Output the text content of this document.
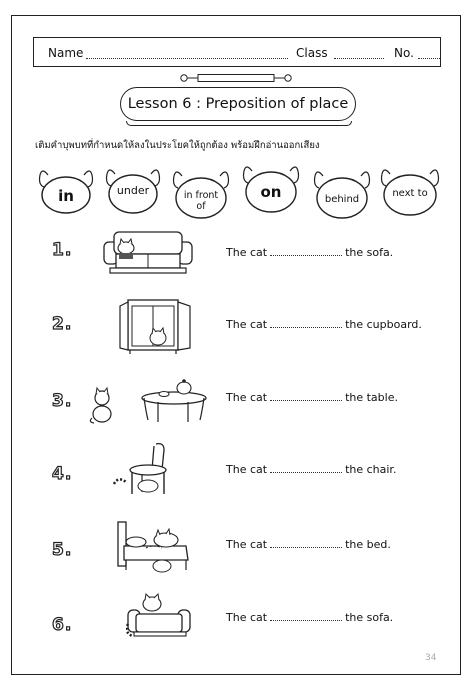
Name	Class	No.
Lesson 6 : Preposition of place
เติมคำบุพบทที่กำหนดให้ลงในประโยคให้ถูกต้อง พร้อมฝึกอ่านออกเสียง
in	under	in front
of
on	behind
next to
1.	The cat	the sofa.
2.	The cat	the cupboard.
3.	The cat	the table.
4.	The cat	the chair.
5.	The cat	the bed.
6.	The cat	the sofa.
34
